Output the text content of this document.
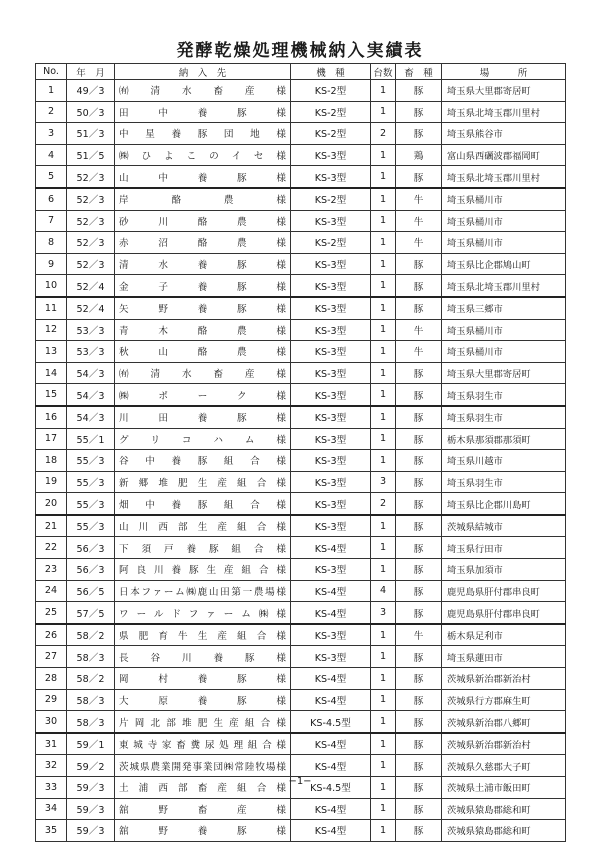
発酵乾燥処理機械納入実績表
No.	年　月	納　入　先	機　種	台数	畜　種	場　　　所
1	49／3	㈲　清　水　畜　産　様	KS-2型	1	豚	埼玉県大里郡寄居町
2	50／3	田　中　養　豚　様	KS-2型	1	豚	埼玉県北埼玉郡川里村
3	51／3	中星養豚団地様	KS-2型	2	豚	埼玉県熊谷市
4	51／5	㈱ひよこのイセ様	KS-3型	1	鶏	富山県西礪波郡福岡町
5	52／3	山　中　養　豚　様	KS-3型	1	豚	埼玉県北埼玉郡川里村
6	52／3	岸　　酪　　農　　様	KS-2型	1	牛	埼玉県桶川市
7	52／3	砂　川　酪　農　様	KS-3型	1	牛	埼玉県桶川市
8	52／3	赤　沼　酪　農　様	KS-2型	1	牛	埼玉県桶川市
9	52／3	清　水　養　豚　様	KS-3型	1	豚	埼玉県比企郡鳩山町
10	52／4	金　子　養　豚　様	KS-3型	1	豚	埼玉県北埼玉郡川里村
11	52／4	矢　野　養　豚　様	KS-3型	1	豚	埼玉県三郷市
12	53／3	青　木　酪　農　様	KS-3型	1	牛	埼玉県桶川市
13	53／3	秋　山　酪　農　様	KS-3型	1	牛	埼玉県桶川市
14	54／3	㈲　清　水　畜　産　様	KS-3型	1	豚	埼玉県大里郡寄居町
15	54／3	㈱　ポ　ー　ク　様	KS-3型	1	豚	埼玉県羽生市
16	54／3	川　田　養　豚　様	KS-3型	1	豚	埼玉県羽生市
17	55／1	グリコハム様	KS-3型	1	豚	栃木県那須郡那須町
18	55／3	谷中養豚組合様	KS-3型	1	豚	埼玉県川越市
19	55／3	新郷堆肥生産組合様	KS-3型	3	豚	埼玉県羽生市
20	55／3	畑中養豚組合様	KS-3型	2	豚	埼玉県比企郡川島町
21	55／3	山川西部生産組合様	KS-3型	1	豚	茨城県結城市
22	56／3	下須戸養豚組合様	KS-4型	1	豚	埼玉県行田市
23	56／3	阿良川養豚生産組合様	KS-3型	1	豚	埼玉県加須市
24	56／5	日本ファーム㈱鹿山田第一農場様	KS-4型	4	豚	鹿児島県肝付郡串良町
25	57／5	ワールドファーム㈱様	KS-4型	3	豚	鹿児島県肝付郡串良町
26	58／2	県肥育牛生産組合様	KS-3型	1	牛	栃木県足利市
27	58／3	長　谷　川　養　豚　様	KS-3型	1	豚	埼玉県蓮田市
28	58／2	岡　村　養　豚　様	KS-4型	1	豚	茨城県新治郡新治村
29	58／3	大　原　養　豚　様	KS-4型	1	豚	茨城県行方郡麻生町
30	58／3	片岡北部堆肥生産組合様	KS-4.5型	1	豚	茨城県新治郡八郷町
31	59／1	東城寺家畜糞尿処理組合様	KS-4型	1	豚	茨城県新治郡新治村
32	59／2	茨城県農業開発事業団㈱常陸牧場様	KS-4型	1	豚	茨城県久慈郡大子町
33	59／3	土浦西部畜産組合様	KS-4.5型	1	豚	茨城県土浦市飯田町
34	59／3	舘　野　畜　産　様	KS-4型	1	豚	茨城県猿島郡総和町
35	59／3	舘　野　養　豚　様	KS-4型	1	豚	茨城県猿島郡総和町
−1−
